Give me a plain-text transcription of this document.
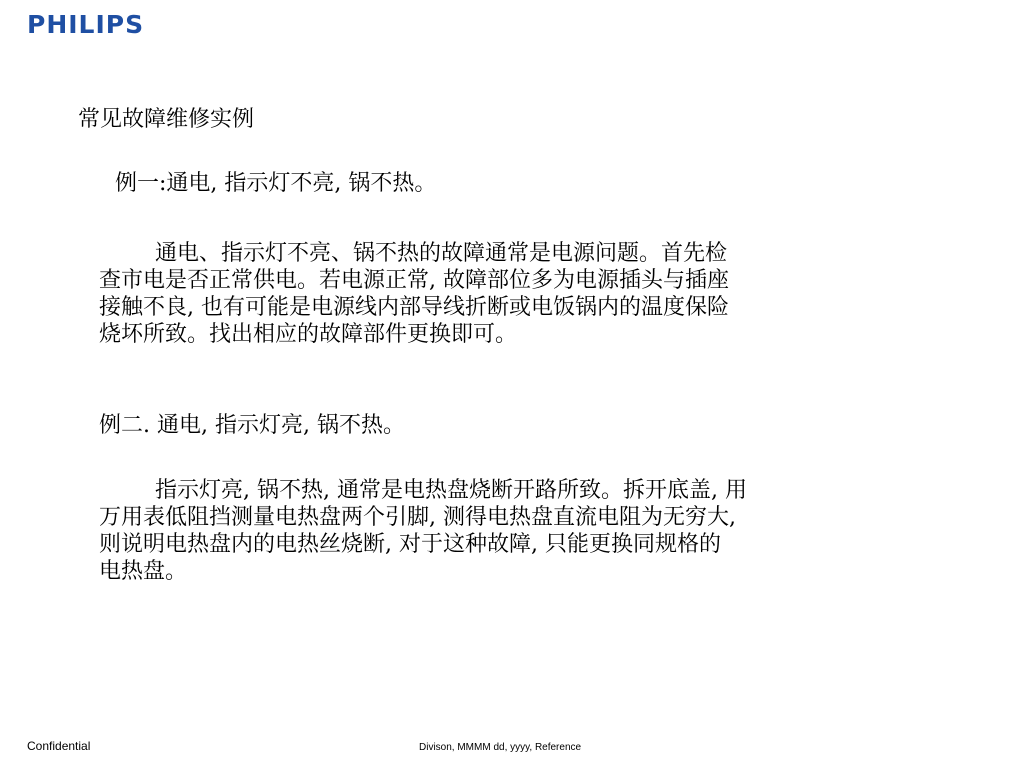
PHILIPS
常见故障维修实例
例一:通电, 指示灯不亮, 锅不热。
通电、指示灯不亮、锅不热的故障通常是电源问题。首先检
查市电是否正常供电。若电源正常, 故障部位多为电源插头与插座
接触不良, 也有可能是电源线内部导线折断或电饭锅内的温度保险
烧坏所致。找出相应的故障部件更换即可。
例二. 通电, 指示灯亮, 锅不热。
指示灯亮, 锅不热, 通常是电热盘烧断开路所致。拆开底盖, 用
万用表低阻挡测量电热盘两个引脚, 测得电热盘直流电阻为无穷大,
则说明电热盘内的电热丝烧断, 对于这种故障, 只能更换同规格的
电热盘。
Confidential	Divison, MMMM dd, yyyy, Reference
